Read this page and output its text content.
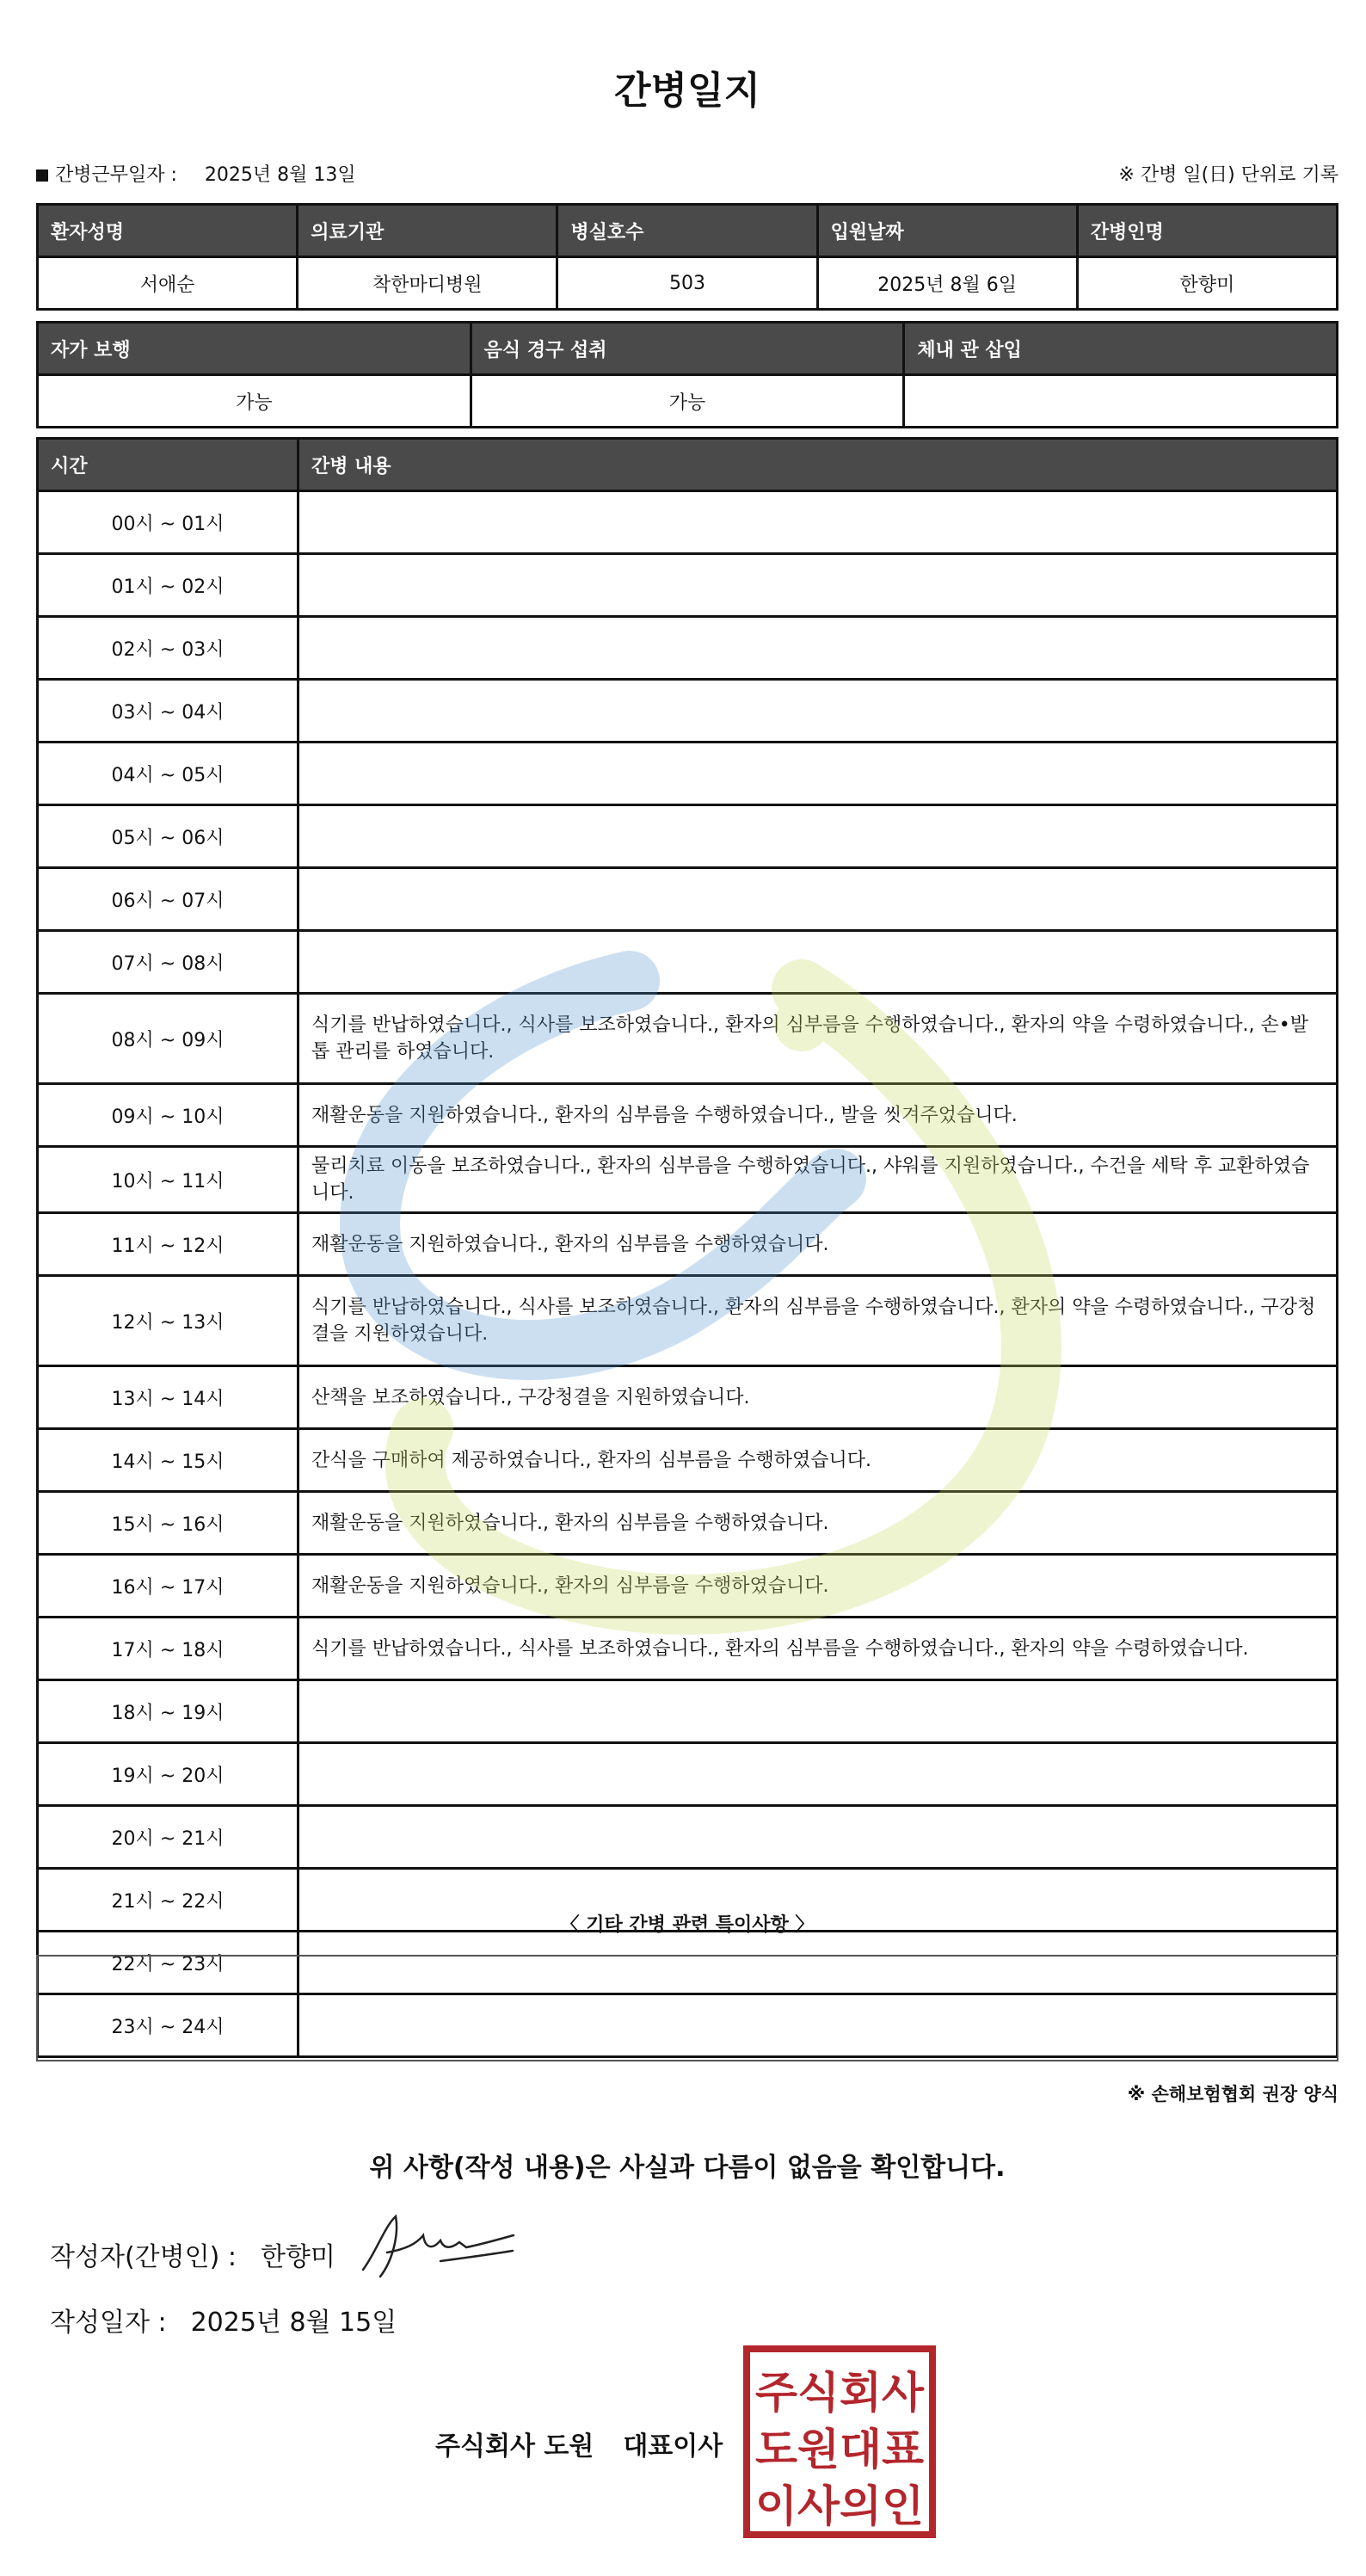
간병일지
간병근무일자 : 2025년 8월 13일	※ 간병 일(日) 단위로 기록
환자성명	의료기관	병실호수	입원날짜	간병인명
서애순	착한마디병원	503	2025년 8월 6일	한향미
자가 보행	음식 경구 섭취	체내 관 삽입
가능	가능	
시간	간병 내용
00시 ~ 01시	
01시 ~ 02시	
02시 ~ 03시	
03시 ~ 04시	
04시 ~ 05시	
05시 ~ 06시	
06시 ~ 07시	
07시 ~ 08시	
08시 ~ 09시	식기를 반납하였습니다., 식사를 보조하였습니다., 환자의 심부름을 수행하였습니다., 환자의 약을 수령하였습니다., 손•발톱 관리를 하였습니다.
09시 ~ 10시	재활운동을 지원하였습니다., 환자의 심부름을 수행하였습니다., 발을 씻겨주었습니다.
10시 ~ 11시	물리치료 이동을 보조하였습니다., 환자의 심부름을 수행하였습니다., 샤워를 지원하였습니다., 수건을 세탁 후 교환하였습니다.
11시 ~ 12시	재활운동을 지원하였습니다., 환자의 심부름을 수행하였습니다.
12시 ~ 13시	식기를 반납하였습니다., 식사를 보조하였습니다., 환자의 심부름을 수행하였습니다., 환자의 약을 수령하였습니다., 구강청결을 지원하였습니다.
13시 ~ 14시	산책을 보조하였습니다., 구강청결을 지원하였습니다.
14시 ~ 15시	간식을 구매하여 제공하였습니다., 환자의 심부름을 수행하였습니다.
15시 ~ 16시	재활운동을 지원하였습니다., 환자의 심부름을 수행하였습니다.
16시 ~ 17시	재활운동을 지원하였습니다., 환자의 심부름을 수행하였습니다.
17시 ~ 18시	식기를 반납하였습니다., 식사를 보조하였습니다., 환자의 심부름을 수행하였습니다., 환자의 약을 수령하였습니다.
18시 ~ 19시	
19시 ~ 20시	
20시 ~ 21시	
21시 ~ 22시	
22시 ~ 23시	
23시 ~ 24시	
〈 기타 간병 관련 특이사항 〉
※ 손해보험협회 권장 양식
위 사항(작성 내용)은 사실과 다름이 없음을 확인합니다.
작성자(간병인) : 한향미
작성일자 : 2025년 8월 15일
주식회사 도원 대표이사
주식회사
도원대표
이사의인
